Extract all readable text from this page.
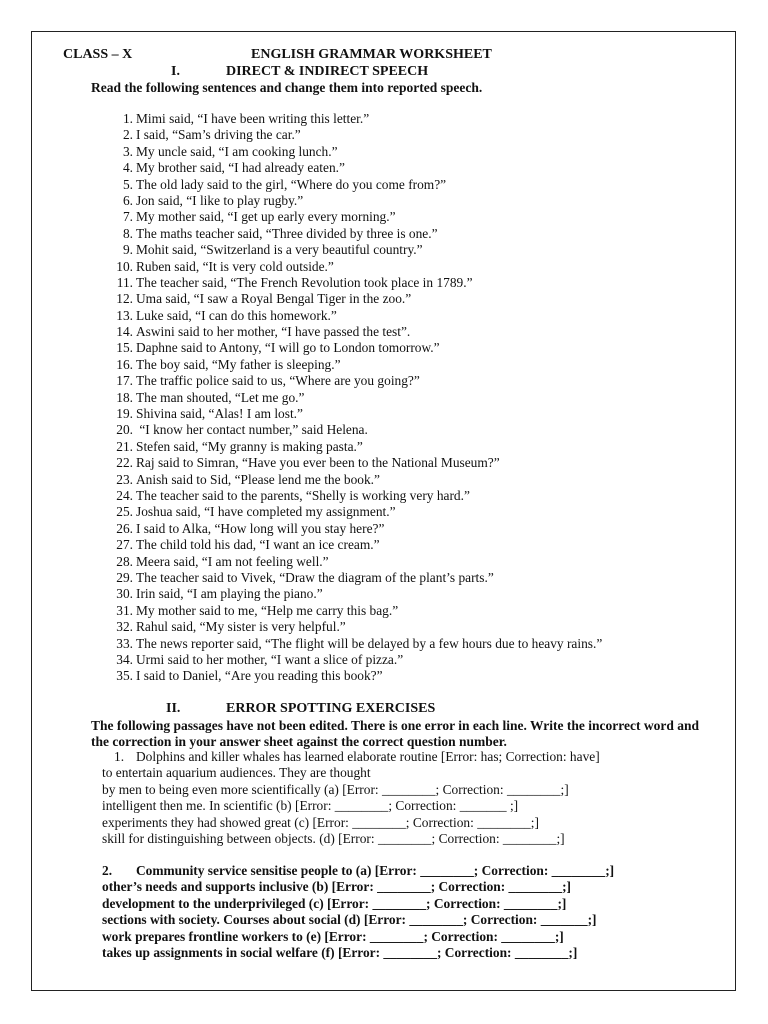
CLASS – X	ENGLISH GRAMMAR WORKSHEET
I.	DIRECT & INDIRECT SPEECH
Read the following sentences and change them into reported speech.
1. Mimi said, “I have been writing this letter.”
2. I said, “Sam’s driving the car.”
3. My uncle said, “I am cooking lunch.”
4. My brother said, “I had already eaten.”
5. The old lady said to the girl, “Where do you come from?”
6. Jon said, “I like to play rugby.”
7. My mother said, “I get up early every morning.”
8. The maths teacher said, “Three divided by three is one.”
9. Mohit said, “Switzerland is a very beautiful country.”
10. Ruben said, “It is very cold outside.”
11. The teacher said, “The French Revolution took place in 1789.”
12. Uma said, “I saw a Royal Bengal Tiger in the zoo.”
13. Luke said, “I can do this homework.”
14. Aswini said to her mother, “I have passed the test”.
15. Daphne said to Antony, “I will go to London tomorrow.”
16. The boy said, “My father is sleeping.”
17. The traffic police said to us, “Where are you going?”
18. The man shouted, “Let me go.”
19. Shivina said, “Alas! I am lost.”
20. “I know her contact number,” said Helena.
21. Stefen said, “My granny is making pasta.”
22. Raj said to Simran, “Have you ever been to the National Museum?”
23. Anish said to Sid, “Please lend me the book.”
24. The teacher said to the parents, “Shelly is working very hard.”
25. Joshua said, “I have completed my assignment.”
26. I said to Alka, “How long will you stay here?”
27. The child told his dad, “I want an ice cream.”
28. Meera said, “I am not feeling well.”
29. The teacher said to Vivek, “Draw the diagram of the plant’s parts.”
30. Irin said, “I am playing the piano.”
31. My mother said to me, “Help me carry this bag.”
32. Rahul said, “My sister is very helpful.”
33. The news reporter said, “The flight will be delayed by a few hours due to heavy rains.”
34. Urmi said to her mother, “I want a slice of pizza.”
35. I said to Daniel, “Are you reading this book?”
II.	ERROR SPOTTING EXERCISES
The following passages have not been edited. There is one error in each line. Write the incorrect word and
the correction in your answer sheet against the correct question number.
1. Dolphins and killer whales has learned elaborate routine [Error: has; Correction: have]
to entertain aquarium audiences. They are thought
by men to being even more scientifically (a) [Error: ________; Correction: ________;]
intelligent then me. In scientific (b) [Error: ________; Correction: _______ ;]
experiments they had showed great (c) [Error: ________; Correction: ________;]
skill for distinguishing between objects. (d) [Error: ________; Correction: ________;]
2. Community service sensitise people to (a) [Error: ________; Correction: ________;]
other’s needs and supports inclusive (b) [Error: ________; Correction: ________;]
development to the underprivileged (c) [Error: ________; Correction: ________;]
sections with society. Courses about social (d) [Error: ________; Correction: _______;]
work prepares frontline workers to (e) [Error: ________; Correction: ________;]
takes up assignments in social welfare (f) [Error: ________; Correction: ________;]
